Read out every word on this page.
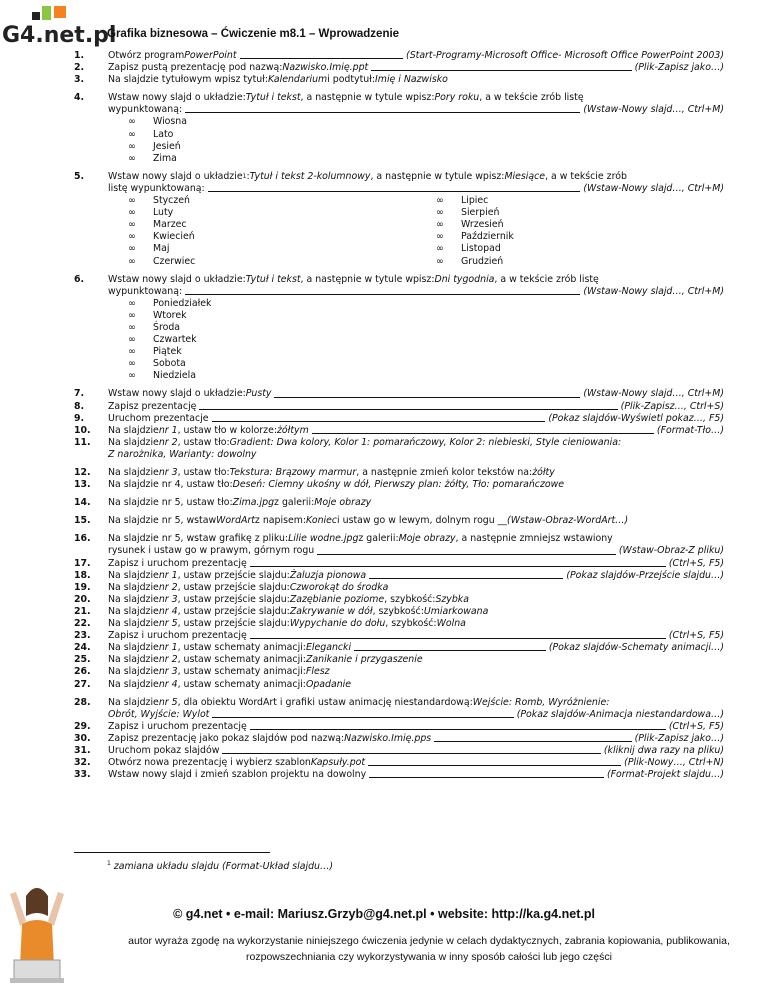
G4.net.pl
Grafika biznesowa – Ćwiczenie m8.1 – Wprowadzenie
1.	Otwórz program PowerPoint	(Start-Programy-Microsoft Office- Microsoft Office PowerPoint 2003)
2.	Zapisz pustą prezentację pod nazwą: Nazwisko.Imię.ppt	(Plik-Zapisz jako…)
3.	Na slajdzie tytułowym wpisz tytuł: Kalendarium i podtytuł: Imię i Nazwisko
4.	Wstaw nowy slajd o układzie: Tytuł i tekst , a następnie w tytule wpisz: Pory roku , a w tekście zrób listę
wypunktowaną:	(Wstaw-Nowy slajd…, Ctrl+M)
∞	Wiosna
∞	Lato
∞	Jesień
∞	Zima
5.	Wstaw nowy slajd o układzie 1 : Tytuł i tekst 2-kolumnowy , a następnie w tytule wpisz: Miesiące , a w tekście zrób
listę wypunktowaną:	(Wstaw-Nowy slajd…, Ctrl+M)
∞	Styczeń
∞	Luty
∞	Marzec
∞	Kwiecień
∞	Maj
∞	Czerwiec
∞	Lipiec
∞	Sierpień
∞	Wrzesień
∞	Październik
∞	Listopad
∞	Grudzień
6.	Wstaw nowy slajd o układzie: Tytuł i tekst , a następnie w tytule wpisz: Dni tygodnia , a w tekście zrób listę
wypunktowaną:	(Wstaw-Nowy slajd…, Ctrl+M)
∞	Poniedziałek
∞	Wtorek
∞	Środa
∞	Czwartek
∞	Piątek
∞	Sobota
∞	Niedziela
7.	Wstaw nowy slajd o układzie: Pusty	(Wstaw-Nowy slajd…, Ctrl+M)
8.	Zapisz prezentację	(Plik-Zapisz…, Ctrl+S)
9.	Uruchom prezentacje	(Pokaz slajdów-Wyświetl pokaz…, F5)
10.	Na slajdzie nr 1 , ustaw tło w kolorze: żółtym	(Format-Tło…)
11.	Na slajdzie nr 2 , ustaw tło: Gradient: Dwa kolory, Kolor 1: pomarańczowy, Kolor 2: niebieski, Style cieniowania:
Z narożnika, Warianty: dowolny
12.	Na slajdzie nr 3 , ustaw tło: Tekstura: Brązowy marmur , a następnie zmień kolor tekstów na: żółty
13.	Na slajdzie nr 4, ustaw tło: Deseń: Ciemny ukośny w dół, Pierwszy plan: żółty, Tło: pomarańczowe
14.	Na slajdzie nr 5, ustaw tło: Zima.jpg z galerii: Moje obrazy
15.	Na slajdzie nr 5, wstaw WordArt z napisem: Koniec i ustaw go w lewym, dolnym rogu __ (Wstaw-Obraz-WordArt…)
16.	Na slajdzie nr 5, wstaw grafikę z pliku: Lilie wodne.jpg z galerii: Moje obrazy , a następnie zmniejsz wstawiony
rysunek i ustaw go w prawym, górnym rogu	(Wstaw-Obraz-Z pliku)
17.	Zapisz i uruchom prezentację	(Ctrl+S, F5)
18.	Na slajdzie nr 1 , ustaw przejście slajdu: Żaluzja pionowa	(Pokaz slajdów-Przejście slajdu…)
19.	Na slajdzie nr 2 , ustaw przejście slajdu: Czworokąt do środka
20.	Na slajdzie nr 3 , ustaw przejście slajdu: Zazębianie poziome , szybkość: Szybka
21.	Na slajdzie nr 4 , ustaw przejście slajdu: Zakrywanie w dół , szybkość: Umiarkowana
22.	Na slajdzie nr 5 , ustaw przejście slajdu: Wypychanie do dołu , szybkość: Wolna
23.	Zapisz i uruchom prezentację	(Ctrl+S, F5)
24.	Na slajdzie nr 1 , ustaw schematy animacji: Elegancki	(Pokaz slajdów-Schematy animacji…)
25.	Na slajdzie nr 2 , ustaw schematy animacji: Zanikanie i przygaszenie
26.	Na slajdzie nr 3 , ustaw schematy animacji: Flesz
27.	Na slajdzie nr 4 , ustaw schematy animacji: Opadanie
28.	Na slajdzie nr 5 , dla obiektu WordArt i grafiki ustaw animację niestandardową: Wejście: Romb, Wyróżnienie:
Obrót, Wyjście: Wylot	(Pokaz slajdów-Animacja niestandardowa…)
29.	Zapisz i uruchom prezentację	(Ctrl+S, F5)
30.	Zapisz prezentację jako pokaz slajdów pod nazwą: Nazwisko.Imię.pps	(Plik-Zapisz jako…)
31.	Uruchom pokaz slajdów	(kliknij dwa razy na pliku)
32.	Otwórz nowa prezentację i wybierz szablon Kapsuły.pot	(Plik-Nowy…, Ctrl+N)
33.	Wstaw nowy slajd i zmień szablon projektu na dowolny	(Format-Projekt slajdu…)
$^1$ zamiana układu slajdu (Format-Układ slajdu…)
© g4.net • e-mail: Mariusz.Grzyb@g4.net.pl • website: http://ka.g4.net.pl
autor wyraża zgodę na wykorzystanie niniejszego ćwiczenia jedynie w celach dydaktycznych, zabrania kopiowania, publikowania, rozpowszechniania czy wykorzystywania w inny sposób całości lub jego części
